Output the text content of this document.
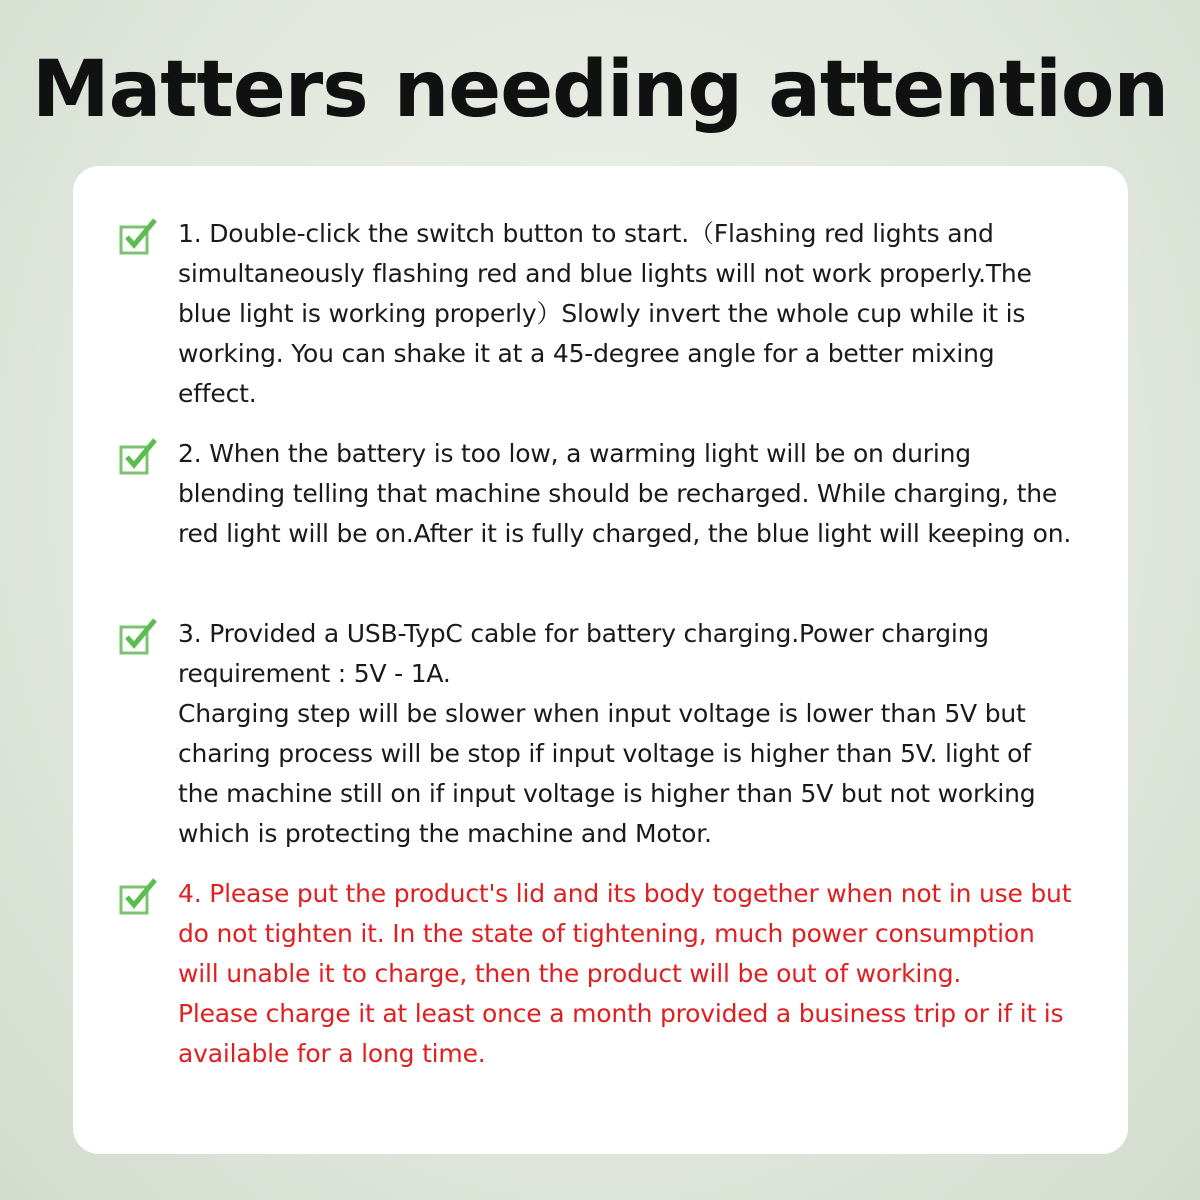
Matters needing attention

1. Double-click the switch button to start.（Flashing red lights and simultaneously flashing red and blue lights will not work properly.The blue light is working properly）Slowly invert the whole cup while it is working. You can shake it at a 45-degree angle for a better mixing effect.

2. When the battery is too low, a warming light will be on during blending telling that machine should be recharged. While charging, the red light will be on.After it is fully charged, the blue light will keeping on.

3. Provided a USB-TypC cable for battery charging.Power charging requirement : 5V - 1A.

Charging step will be slower when input voltage is lower than 5V but charing process will be stop if input voltage is higher than 5V. light of the machine still on if input voltage is higher than 5V but not working which is protecting the machine and Motor.

4. Please put the product's lid and its body together when not in use but do not tighten it. In the state of tightening, much power consumption will unable it to charge, then the product will be out of working.

Please charge it at least once a month provided a business trip or if it is available for a long time.
